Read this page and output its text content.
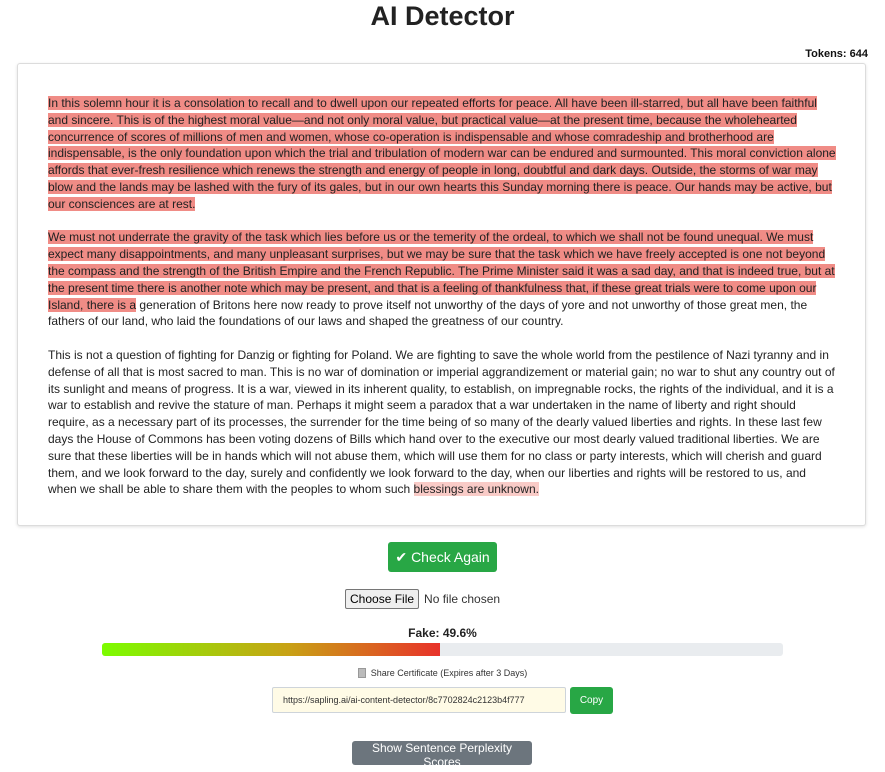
AI Detector
Tokens: 644

In this solemn hour it is a consolation to recall and to dwell upon our repeated efforts for peace. All have been ill-starred, but all have been faithful and sincere. This is of the highest moral value—and not only moral value, but practical value—at the present time, because the wholehearted concurrence of scores of millions of men and women, whose co-operation is indispensable and whose comradeship and brotherhood are indispensable, is the only foundation upon which the trial and tribulation of modern war can be endured and surmounted. This moral conviction alone affords that ever-fresh resilience which renews the strength and energy of people in long, doubtful and dark days. Outside, the storms of war may blow and the lands may be lashed with the fury of its gales, but in our own hearts this Sunday morning there is peace. Our hands may be active, but our consciences are at rest.

We must not underrate the gravity of the task which lies before us or the temerity of the ordeal, to which we shall not be found unequal. We must expect many disappointments, and many unpleasant surprises, but we may be sure that the task which we have freely accepted is one not beyond the compass and the strength of the British Empire and the French Republic. The Prime Minister said it was a sad day, and that is indeed true, but at the present time there is another note which may be present, and that is a feeling of thankfulness that, if these great trials were to come upon our Island, there is a generation of Britons here now ready to prove itself not unworthy of the days of yore and not unworthy of those great men, the fathers of our land, who laid the foundations of our laws and shaped the greatness of our country.

This is not a question of fighting for Danzig or fighting for Poland. We are fighting to save the whole world from the pestilence of Nazi tyranny and in defense of all that is most sacred to man. This is no war of domination or imperial aggrandizement or material gain; no war to shut any country out of its sunlight and means of progress. It is a war, viewed in its inherent quality, to establish, on impregnable rocks, the rights of the individual, and it is a war to establish and revive the stature of man. Perhaps it might seem a paradox that a war undertaken in the name of liberty and right should require, as a necessary part of its processes, the surrender for the time being of so many of the dearly valued liberties and rights. In these last few days the House of Commons has been voting dozens of Bills which hand over to the executive our most dearly valued traditional liberties. We are sure that these liberties will be in hands which will not abuse them, which will use them for no class or party interests, which will cherish and guard them, and we look forward to the day, surely and confidently we look forward to the day, when our liberties and rights will be restored to us, and when we shall be able to share them with the peoples to whom such blessings are unknown.

✔ Check Again
Choose File No file chosen
Fake: 49.6%
Share Certificate (Expires after 3 Days)
https://sapling.ai/ai-content-detector/8c7702824c2123b4f777
Copy
Show Sentence Perplexity Scores
